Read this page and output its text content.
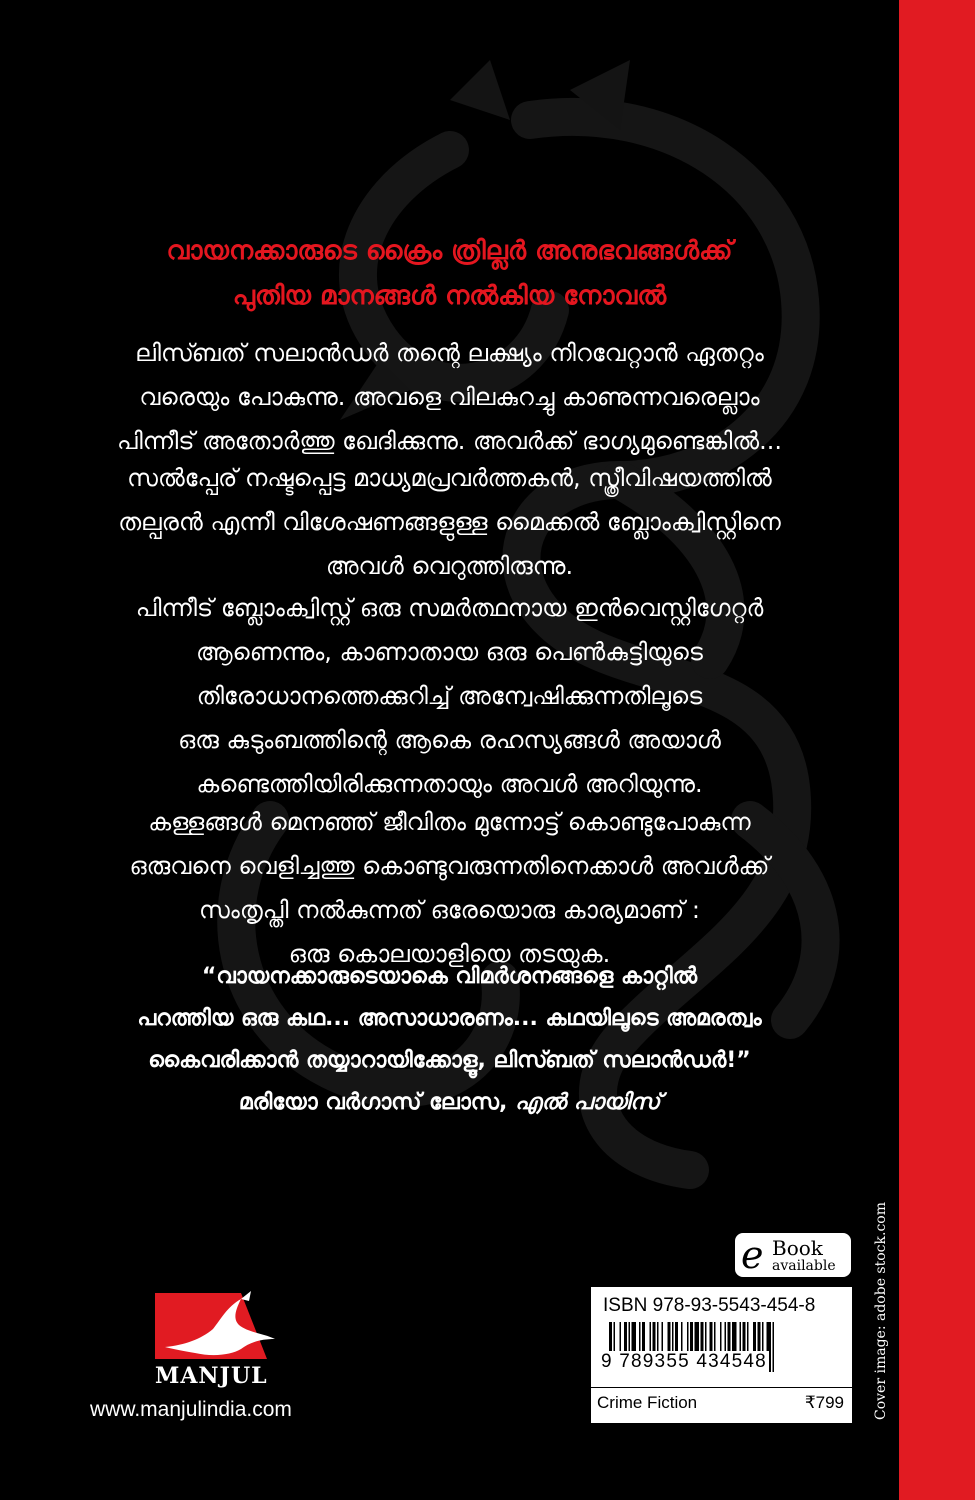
വായനക്കാരുടെ ക്രൈം ത്രില്ലർ അനുഭവങ്ങൾക്ക്
പുതിയ മാനങ്ങൾ നൽകിയ നോവൽ
ലിസ്ബത് സലാൻഡർ തന്റെ ലക്ഷ്യം നിറവേറ്റാൻ ഏതറ്റം
വരെയും പോകുന്നു. അവളെ വിലകുറച്ചു കാണുന്നവരെല്ലാം
പിന്നീട് അതോർത്തു ഖേദിക്കുന്നു. അവർക്ക് ഭാഗ്യമുണ്ടെങ്കിൽ...
സൽപ്പേര് നഷ്ടപ്പെട്ട മാധ്യമപ്രവർത്തകൻ, സ്ത്രീവിഷയത്തിൽ
തല്പരൻ എന്നീ വിശേഷണങ്ങളുള്ള മൈക്കൽ ബ്ലോംക്വിസ്റ്റിനെ
അവൾ വെറുത്തിരുന്നു.
പിന്നീട് ബ്ലോംക്വിസ്റ്റ് ഒരു സമർത്ഥനായ ഇൻവെസ്റ്റിഗേറ്റർ
ആണെന്നും, കാണാതായ ഒരു പെൺകുട്ടിയുടെ
തിരോധാനത്തെക്കുറിച്ച് അന്വേഷിക്കുന്നതിലൂടെ
ഒരു കുടുംബത്തിന്റെ ആകെ രഹസ്യങ്ങൾ അയാൾ
കണ്ടെത്തിയിരിക്കുന്നതായും അവൾ അറിയുന്നു.
കള്ളങ്ങൾ മെനഞ്ഞ് ജീവിതം മുന്നോട്ട് കൊണ്ടുപോകുന്ന
ഒരുവനെ വെളിച്ചത്തു കൊണ്ടുവരുന്നതിനെക്കാൾ അവൾക്ക്
സംതൃപ്തി നൽകുന്നത് ഒരേയൊരു കാര്യമാണ് :
ഒരു കൊലയാളിയെ തടയുക.
“വായനക്കാരുടെയാകെ വിമർശനങ്ങളെ കാറ്റിൽ
പറത്തിയ ഒരു കഥ... അസാധാരണം... കഥയിലൂടെ അമരത്വം
കൈവരിക്കാൻ തയ്യാറായിക്കോളൂ, ലിസ്ബത് സലാൻഡർ!”
മരിയോ വർഗാസ് ലോസ, എൽ പായിസ്
Cover image: adobe stock.com
e Book
available
ISBN 978-93-5543-454-8
9 789355 434548
Crime Fiction	₹799
MANJUL
www.manjulindia.com
